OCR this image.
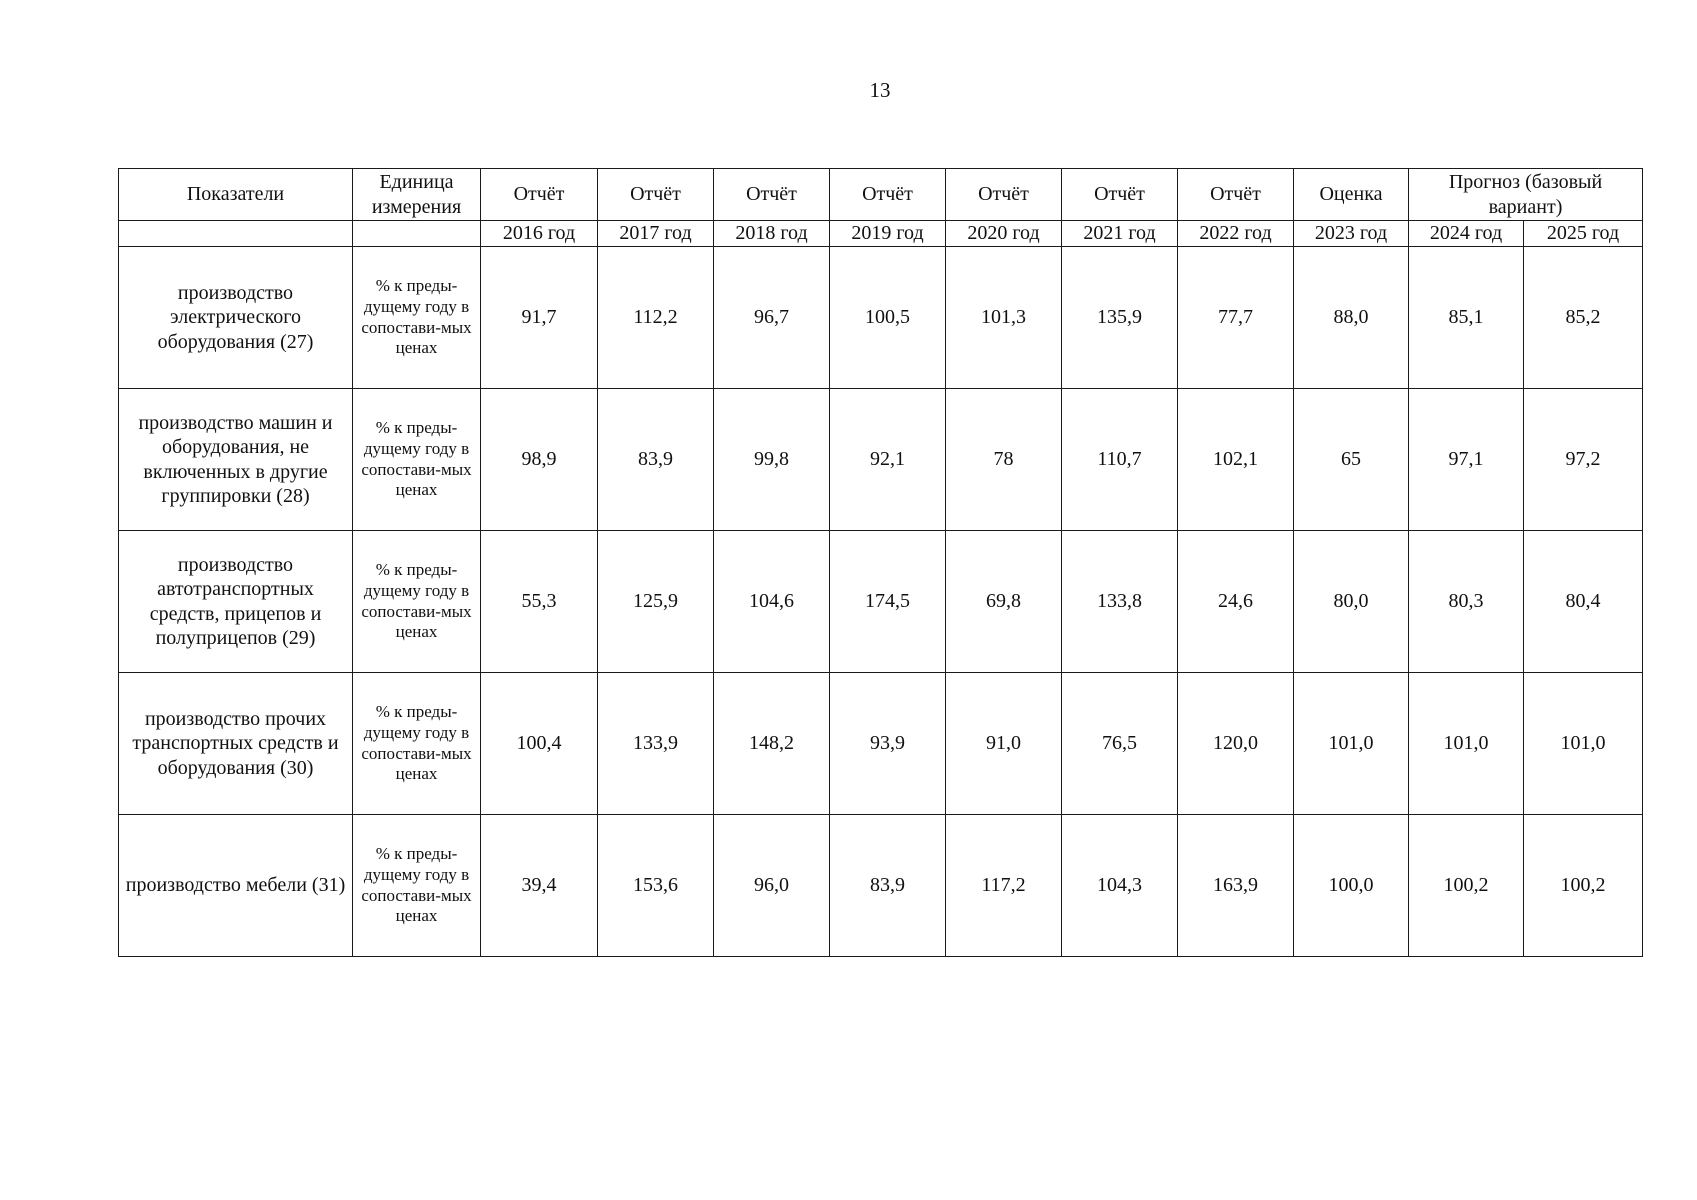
13
Показатели	Единица измерения	Отчёт	Отчёт	Отчёт	Отчёт	Отчёт	Отчёт	Отчёт	Оценка	Прогноз (базовый вариант)	
		2016 год	2017 год	2018 год	2019 год	2020 год	2021 год	2022 год	2023 год	2024 год	2025 год
производство электрического оборудования (27)	% к преды-дущему году в сопостави-мых ценах	91,7	112,2	96,7	100,5	101,3	135,9	77,7	88,0	85,1	85,2
производство машин и оборудования, не включенных в другие группировки (28)	% к преды-дущему году в сопостави-мых ценах	98,9	83,9	99,8	92,1	78	110,7	102,1	65	97,1	97,2
производство автотранспортных средств, прицепов и полуприцепов (29)	% к преды-дущему году в сопостави-мых ценах	55,3	125,9	104,6	174,5	69,8	133,8	24,6	80,0	80,3	80,4
производство прочих транспортных средств и оборудования (30)	% к преды-дущему году в сопостави-мых ценах	100,4	133,9	148,2	93,9	91,0	76,5	120,0	101,0	101,0	101,0
производство мебели (31)	% к преды-дущему году в сопостави-мых ценах	39,4	153,6	96,0	83,9	117,2	104,3	163,9	100,0	100,2	100,2
